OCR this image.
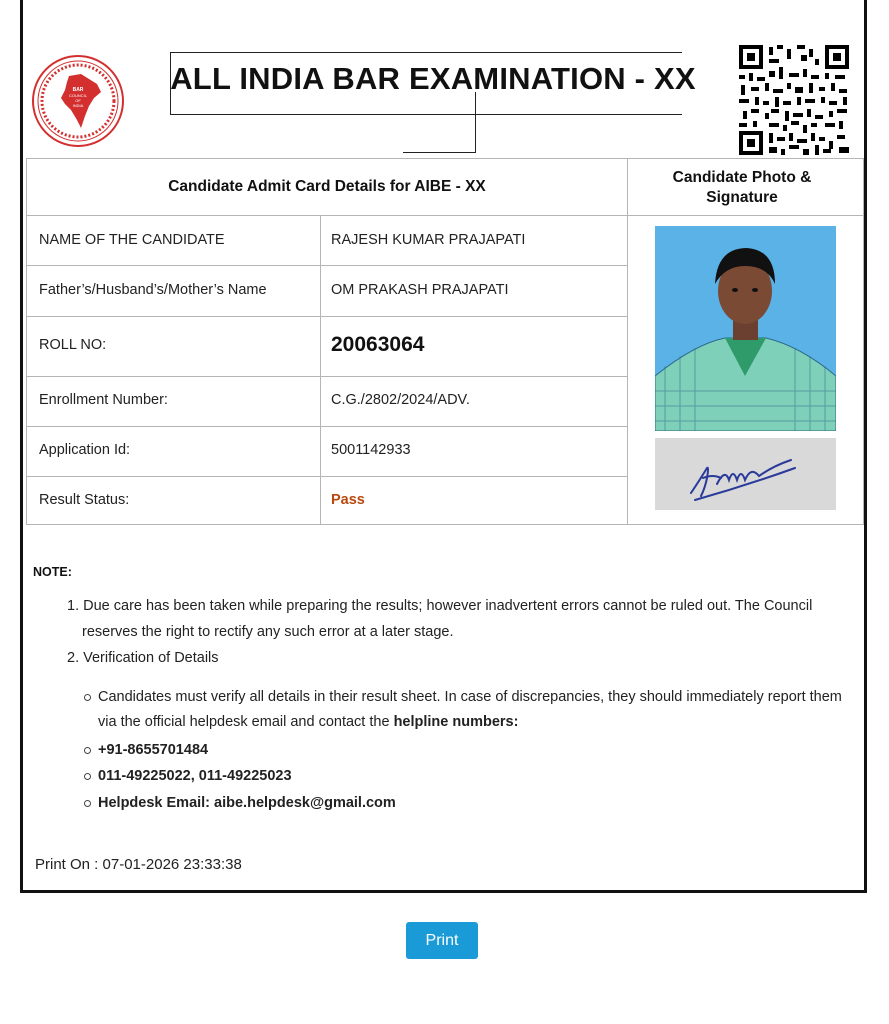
BAR
COUNCIL
OF
INDIA
ALL INDIA BAR EXAMINATION - XX
Candidate Admit Card Details for AIBE - XX
Candidate Photo & Signature
NAME OF THE CANDIDATE	RAJESH KUMAR PRAJAPATI
Father’s/Husband’s/Mother’s Name	OM PRAKASH PRAJAPATI
ROLL NO:	20063064
Enrollment Number:	C.G./2802/2024/ADV.
Application Id:	5001142933
Result Status:	Pass
NOTE:
1. Due care has been taken while preparing the results; however inadvertent errors cannot be ruled out. The Council
reserves the right to rectify any such error at a later stage.
2. Verification of Details
Candidates must verify all details in their result sheet. In case of discrepancies, they should immediately report them
via the official helpdesk email and contact the helpline numbers:
+91-8655701484
011-49225022, 011-49225023
Helpdesk Email: aibe.helpdesk@gmail.com
Print On : 07-01-2026 23:33:38
Print
